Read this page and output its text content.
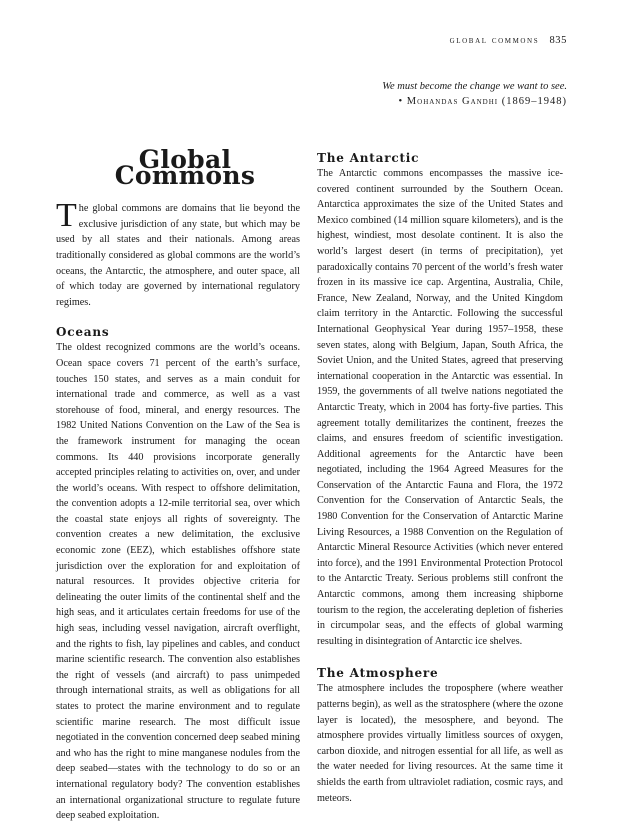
global commons 835
We must become the change we want to see.
• Mohandas Gandhi (1869–1948)
Global Commons

The global commons are domains that lie beyond the exclusive jurisdiction of any state, but which may be used by all states and their nationals. Among areas traditionally considered as global commons are the world’s oceans, the Antarctic, the atmosphere, and outer space, all of which today are governed by international regulatory regimes.

Oceans

The oldest recognized commons are the world’s oceans. Ocean space covers 71 percent of the earth’s surface, touches 150 states, and serves as a main conduit for international trade and commerce, as well as a vast storehouse of food, mineral, and energy resources. The 1982 United Nations Convention on the Law of the Sea is the framework instrument for managing the ocean commons. Its 440 provisions incorporate generally accepted principles relating to activities on, over, and under the world’s oceans. With respect to offshore delimitation, the convention adopts a 12-mile territorial sea, over which the coastal state enjoys all rights of sovereignty. The convention creates a new delimitation, the exclusive economic zone (EEZ), which establishes offshore state jurisdiction over the exploration for and exploitation of natural resources. It provides objective criteria for delineating the outer limits of the continental shelf and the high seas, and it articulates certain freedoms for use of the high seas, including vessel navigation, aircraft overflight, and the rights to fish, lay pipelines and cables, and conduct marine scientific research. The convention also establishes the right of vessels (and aircraft) to pass unimpeded through international straits, as well as obligations for all states to protect the marine environment and to regulate scientific marine research. The most difficult issue negotiated in the convention concerned deep seabed mining and who has the right to mine manganese nodules from the deep seabed—states with the technology to do so or an international regulatory body? The convention establishes an international organizational structure to regulate future deep seabed exploitation.

The Antarctic

The Antarctic commons encompasses the massive ice-covered continent surrounded by the Southern Ocean. Antarctica approximates the size of the United States and Mexico combined (14 million square kilometers), and is the highest, windiest, most desolate continent. It is also the world’s largest desert (in terms of precipitation), yet paradoxically contains 70 percent of the world’s fresh water frozen in its massive ice cap. Argentina, Australia, Chile, France, New Zealand, Norway, and the United Kingdom claim territory in the Antarctic. Following the successful International Geophysical Year during 1957–1958, these seven states, along with Belgium, Japan, South Africa, the Soviet Union, and the United States, agreed that preserving international cooperation in the Antarctic was essential. In 1959, the governments of all twelve nations negotiated the Antarctic Treaty, which in 2004 has forty-five parties. This agreement totally demilitarizes the continent, freezes the claims, and ensures freedom of scientific investigation. Additional agreements for the Antarctic have been negotiated, including the 1964 Agreed Measures for the Conservation of the Antarctic Fauna and Flora, the 1972 Convention for the Conservation of Antarctic Seals, the 1980 Convention for the Conservation of Antarctic Marine Living Resources, a 1988 Convention on the Regulation of Antarctic Mineral Resource Activities (which never entered into force), and the 1991 Environmental Protection Protocol to the Antarctic Treaty. Serious problems still confront the Antarctic commons, among them increasing shipborne tourism to the region, the accelerating depletion of fisheries in circumpolar seas, and the effects of global warming resulting in disintegration of Antarctic ice shelves.

The Atmosphere

The atmosphere includes the troposphere (where weather patterns begin), as well as the stratosphere (where the ozone layer is located), the mesosphere, and beyond. The atmosphere provides virtually limitless sources of oxygen, carbon dioxide, and nitrogen essential for all life, as well as the water needed for living resources. At the same time it shields the earth from ultraviolet radiation, cosmic rays, and meteors.
